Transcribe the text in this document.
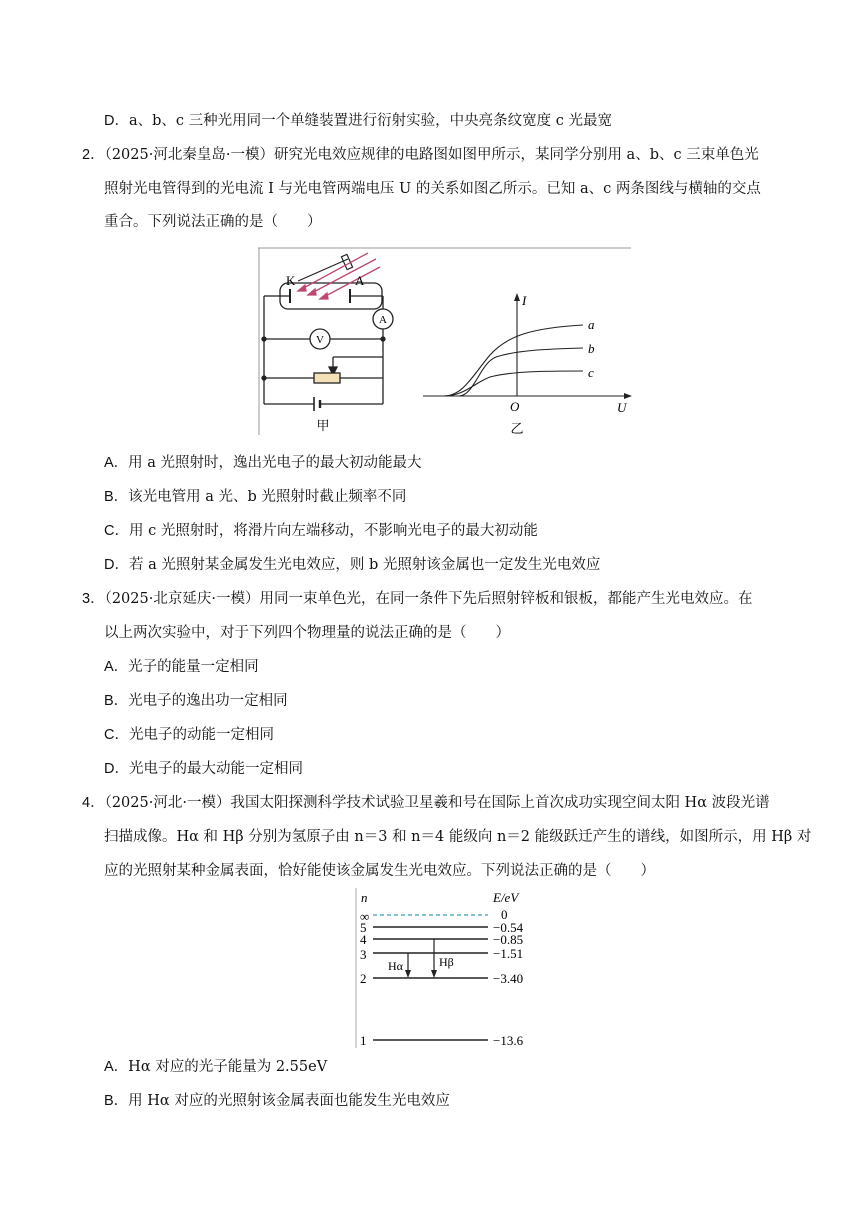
D．a、b、c 三种光用同一个单缝装置进行衍射实验，中央亮条纹宽度 c 光最宽
2．（2025·河北秦皇岛·一模）研究光电效应规律的电路图如图甲所示，某同学分别用 a、b、c 三束单色光
照射光电管得到的光电流 I 与光电管两端电压 U 的关系如图乙所示。已知 a、c 两条图线与横轴的交点
重合。下列说法正确的是（　　）
K	A
A
V
甲
I
U
O
a
b
c
乙
A．用 a 光照射时，逸出光电子的最大初动能最大
B．该光电管用 a 光、b 光照射时截止频率不同
C．用 c 光照射时，将滑片向左端移动，不影响光电子的最大初动能
D．若 a 光照射某金属发生光电效应，则 b 光照射该金属也一定发生光电效应
3．（2025·北京延庆·一模）用同一束单色光，在同一条件下先后照射锌板和银板，都能产生光电效应。在
以上两次实验中，对于下列四个物理量的说法正确的是（　　）
A．光子的能量一定相同
B．光电子的逸出功一定相同
C．光电子的动能一定相同
D．光电子的最大动能一定相同
4．（2025·河北·一模）我国太阳探测科学技术试验卫星羲和号在国际上首次成功实现空间太阳 Hα 波段光谱
扫描成像。Hα 和 Hβ 分别为氢原子由 n＝3 和 n＝4 能级向 n＝2 能级跃迁产生的谱线，如图所示，用 Hβ 对
应的光照射某种金属表面，恰好能使该金属发生光电效应。下列说法正确的是（　　）
n	E/eV
∞	0
5	−0.54
4	−0.85
3	−1.51
2	−3.40
1	−13.6
Hα	Hβ
A．Hα 对应的光子能量为 2.55eV
B．用 Hα 对应的光照射该金属表面也能发生光电效应
